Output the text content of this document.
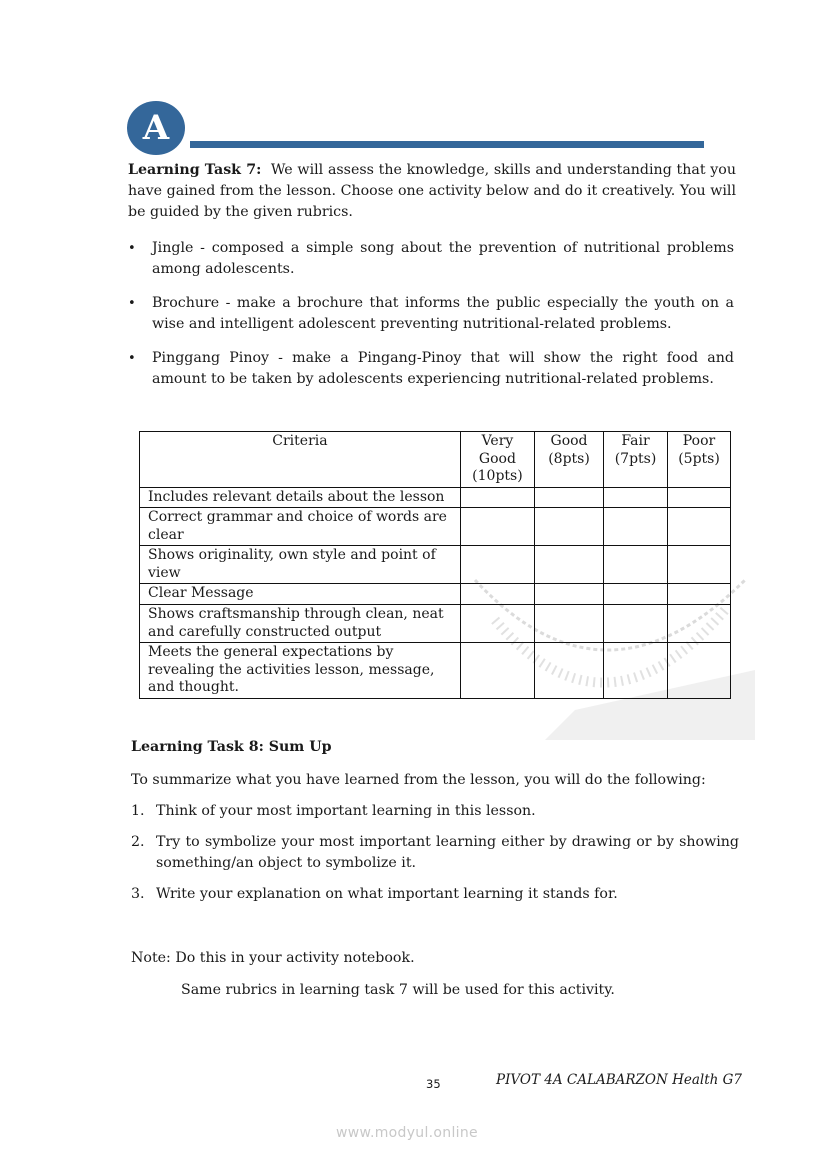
A
Learning Task 7: We will assess the knowledge, skills and understanding that you have gained from the lesson. Choose one activity below and do it creatively. You will be guided by the given rubrics.
• Jingle - composed a simple song about the prevention of nutritional problems among adolescents.
• Brochure - make a brochure that informs the public especially the youth on a wise and intelligent adolescent preventing nutritional-related problems.
• Pinggang Pinoy - make a Pingang-Pinoy that will show the right food and amount to be taken by adolescents experiencing nutritional-related problems.
Criteria	Very Good (10pts)	Good (8pts)	Fair (7pts)	Poor (5pts)
Includes relevant details about the lesson				
Correct grammar and choice of words are clear				
Shows originality, own style and point of view				
Clear Message				
Shows craftsmanship through clean, neat and carefully constructed output				
Meets the general expectations by revealing the activities lesson, message, and thought.				
Learning Task 8: Sum Up
To summarize what you have learned from the lesson, you will do the following:
1. Think of your most important learning in this lesson.
2. Try to symbolize your most important learning either by drawing or by showing something/an object to symbolize it.
3. Write your explanation on what important learning it stands for.
Note: Do this in your activity notebook.
Same rubrics in learning task 7 will be used for this activity.
35	PIVOT 4A CALABARZON Health G7
www.modyul.online
